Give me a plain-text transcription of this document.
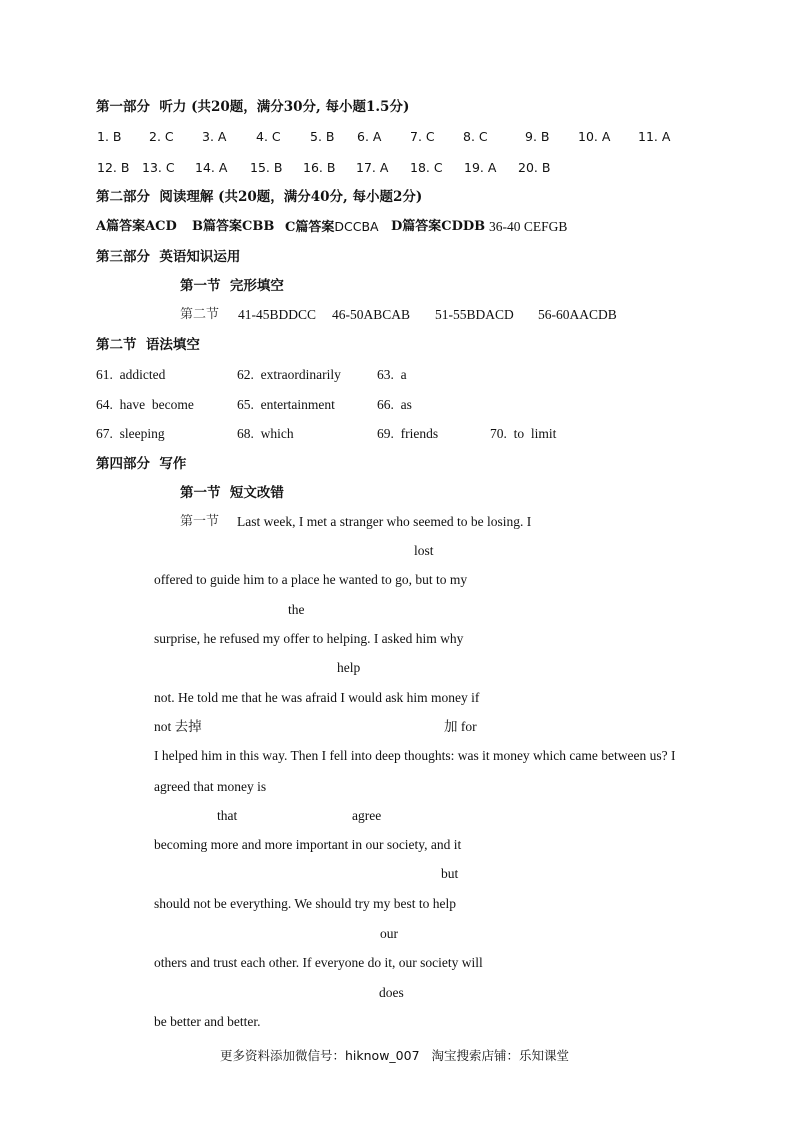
第一部分  听力 (共20题，满分30分, 每小题1.5分)
1. B 2. C 3. A 4. C 5. B 6. A 7. C 8. C	9. B 10. A 11. A
12. B 13. C 14. A 15. B 16. B 17. A 18. C 19. A 20. B
第二部分  阅读理解 (共20题，满分40分, 每小题2分)
A篇答案ACD B篇答案CBB C篇答案DCCBA D篇答案CDDB 36-40 CEFGB
第三部分  英语知识运用
第一节  完形填空
第二节 41-45BDDCC 46-50ABCAB 51-55BDACD 56-60AACDB
第二节  语法填空
61.  addicted	62.  extraordinarily	63.  a
64.  have  become	65.  entertainment	66.  as
67.  sleeping	68.  which	69.  friends	70.  to  limit
第四部分  写作
第一节  短文改错
第一节 Last week, I met a stranger who seemed to be losing. I
lost
offered to guide him to a place he wanted to go, but to my
the
surprise, he refused my offer to helping. I asked him why
help
not. He told me that he was afraid I would ask him money if
not 去掉	加 for
I helped him in this way. Then I fell into deep thoughts: was it money which came between us? I
agreed that money is
that	agree
becoming more and more important in our society, and it
but
should not be everything. We should try my best to help
our
others and trust each other. If everyone do it, our society will
does
be better and better.
更多资料添加微信号：hiknow_007   淘宝搜索店铺：乐知课堂
